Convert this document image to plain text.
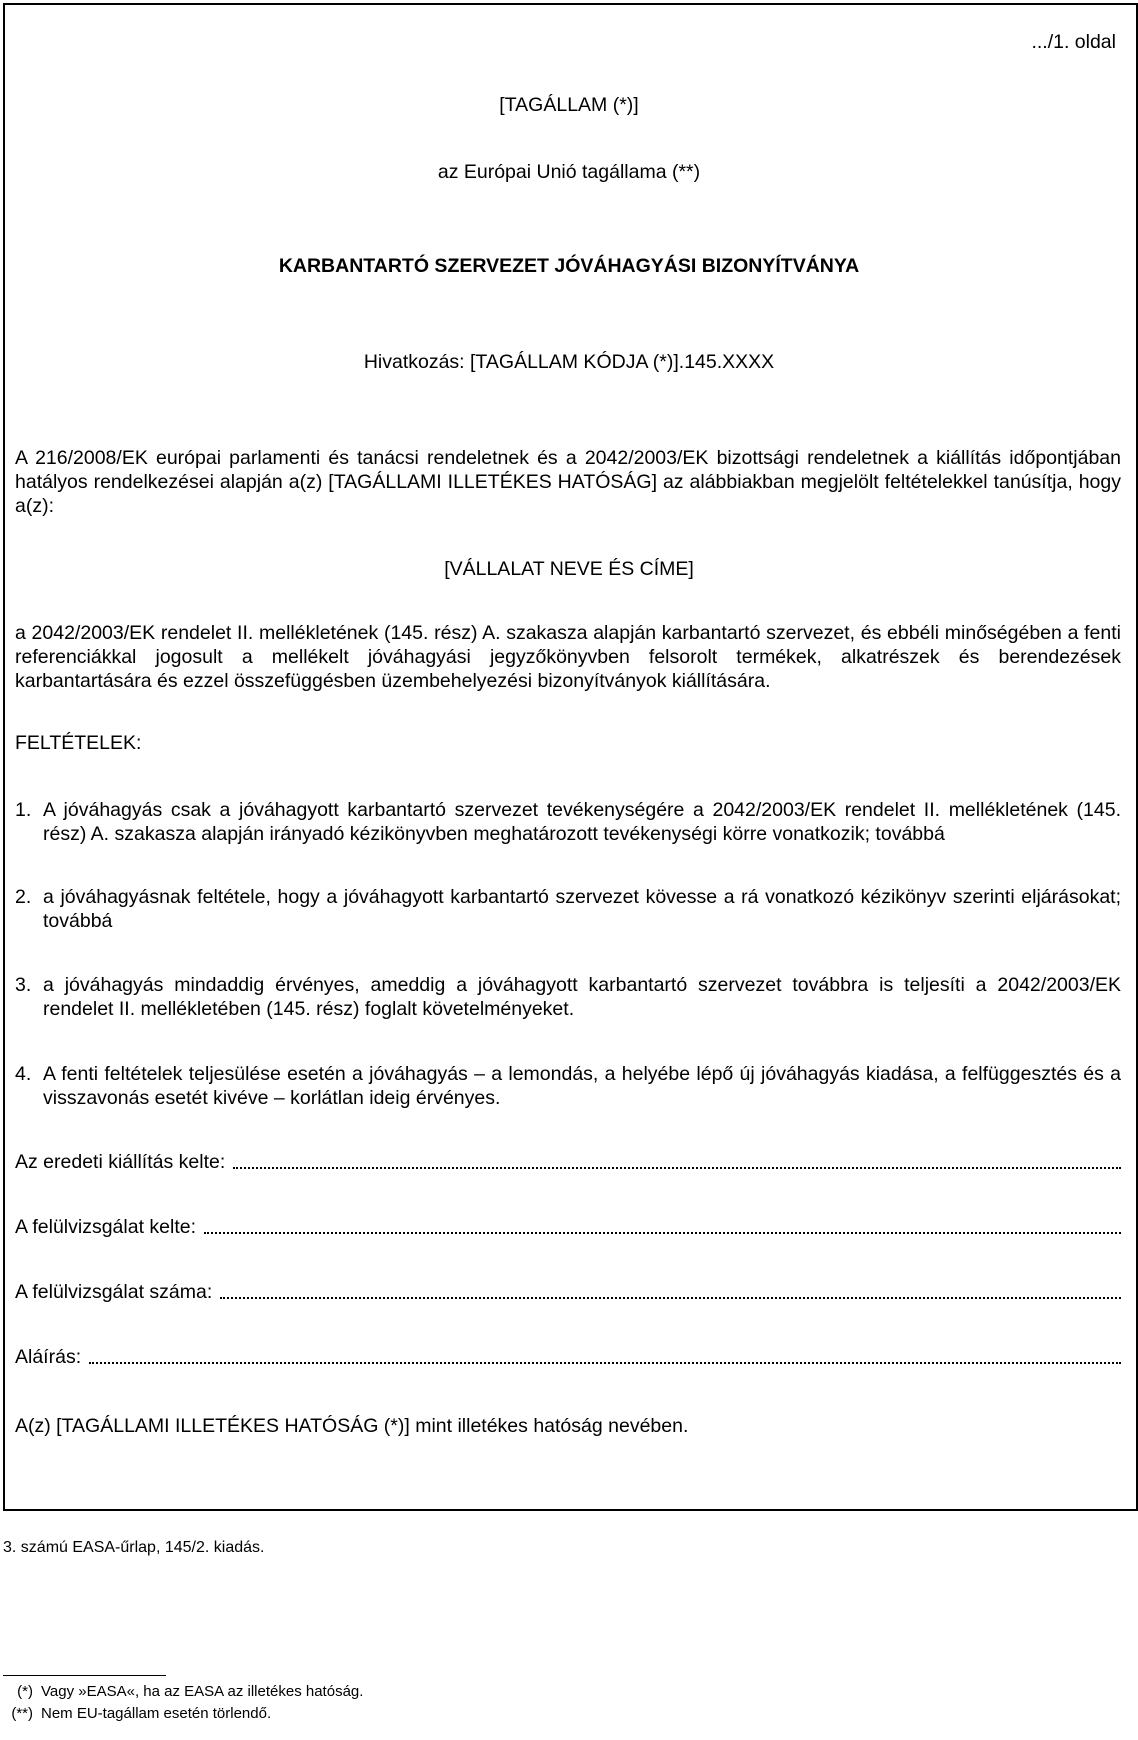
.../1. oldal
[TAGÁLLAM (*)]
az Európai Unió tagállama (**)
KARBANTARTÓ SZERVEZET JÓVÁHAGYÁSI BIZONYÍTVÁNYA
Hivatkozás: [TAGÁLLAM KÓDJA (*)].145.XXXX
A 216/2008/EK európai parlamenti és tanácsi rendeletnek és a 2042/2003/EK bizottsági rendeletnek a kiállítás időpontjában hatályos rendelkezései alapján a(z) [TAGÁLLAMI ILLETÉKES HATÓSÁG] az alábbiakban megjelölt feltételekkel tanúsítja, hogy a(z):
[VÁLLALAT NEVE ÉS CÍME]
a 2042/2003/EK rendelet II. mellékletének (145. rész) A. szakasza alapján karbantartó szervezet, és ebbéli minőségében a fenti referenciákkal jogosult a mellékelt jóváhagyási jegyzőkönyvben felsorolt termékek, alkatrészek és berendezések karbantartására és ezzel összefüggésben üzembehelyezési bizonyítványok kiállítására.
FELTÉTELEK:
1. A jóváhagyás csak a jóváhagyott karbantartó szervezet tevékenységére a 2042/2003/EK rendelet II. mellékletének (145. rész) A. szakasza alapján irányadó kézikönyvben meghatározott tevékenységi körre vonatkozik; továbbá
2. a jóváhagyásnak feltétele, hogy a jóváhagyott karbantartó szervezet kövesse a rá vonatkozó kézikönyv szerinti eljárásokat; továbbá
3. a jóváhagyás mindaddig érvényes, ameddig a jóváhagyott karbantartó szervezet továbbra is teljesíti a 2042/2003/EK rendelet II. mellékletében (145. rész) foglalt követelményeket.
4. A fenti feltételek teljesülése esetén a jóváhagyás – a lemondás, a helyébe lépő új jóváhagyás kiadása, a felfüggesztés és a visszavonás esetét kivéve – korlátlan ideig érvényes.
Az eredeti kiállítás kelte:
A felülvizsgálat kelte:
A felülvizsgálat száma:
Aláírás:
A(z) [TAGÁLLAMI ILLETÉKES HATÓSÁG (*)] mint illetékes hatóság nevében.
3. számú EASA-űrlap, 145/2. kiadás.
(*) Vagy »EASA«, ha az EASA az illetékes hatóság.
(**) Nem EU-tagállam esetén törlendő.
